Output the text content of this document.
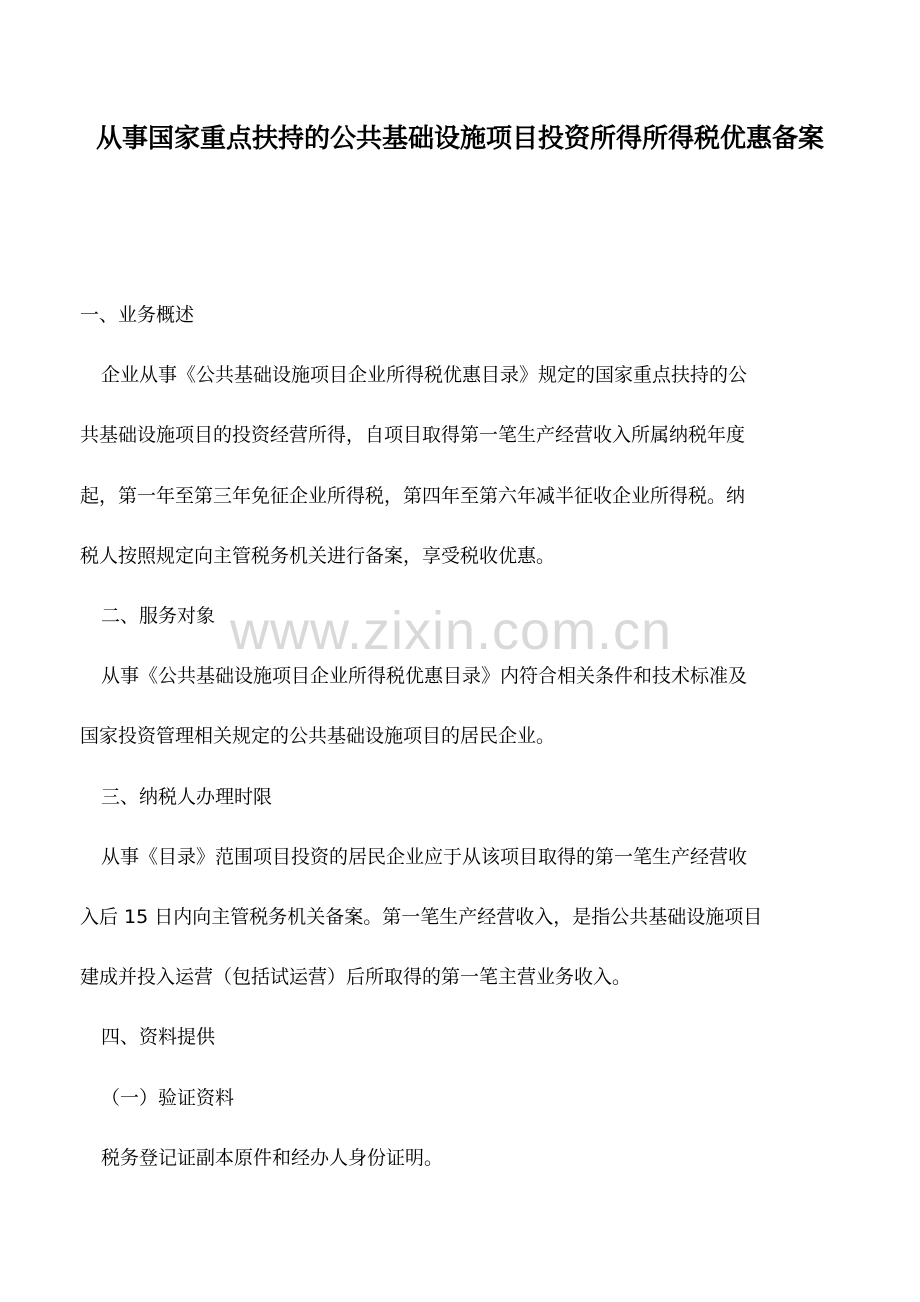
从事国家重点扶持的公共基础设施项目投资所得所得税优惠备案
www.zixin.com.cn

一、业务概述

企业从事《公共基础设施项目企业所得税优惠目录》规定的国家重点扶持的公

共基础设施项目的投资经营所得，自项目取得第一笔生产经营收入所属纳税年度

起，第一年至第三年免征企业所得税，第四年至第六年减半征收企业所得税。纳

税人按照规定向主管税务机关进行备案，享受税收优惠。

二、服务对象

从事《公共基础设施项目企业所得税优惠目录》内符合相关条件和技术标准及

国家投资管理相关规定的公共基础设施项目的居民企业。

三、纳税人办理时限

从事《目录》范围项目投资的居民企业应于从该项目取得的第一笔生产经营收

入后 15 日内向主管税务机关备案。第一笔生产经营收入，是指公共基础设施项目

建成并投入运营（包括试运营）后所取得的第一笔主营业务收入。

四、资料提供

（一）验证资料

税务登记证副本原件和经办人身份证明。
